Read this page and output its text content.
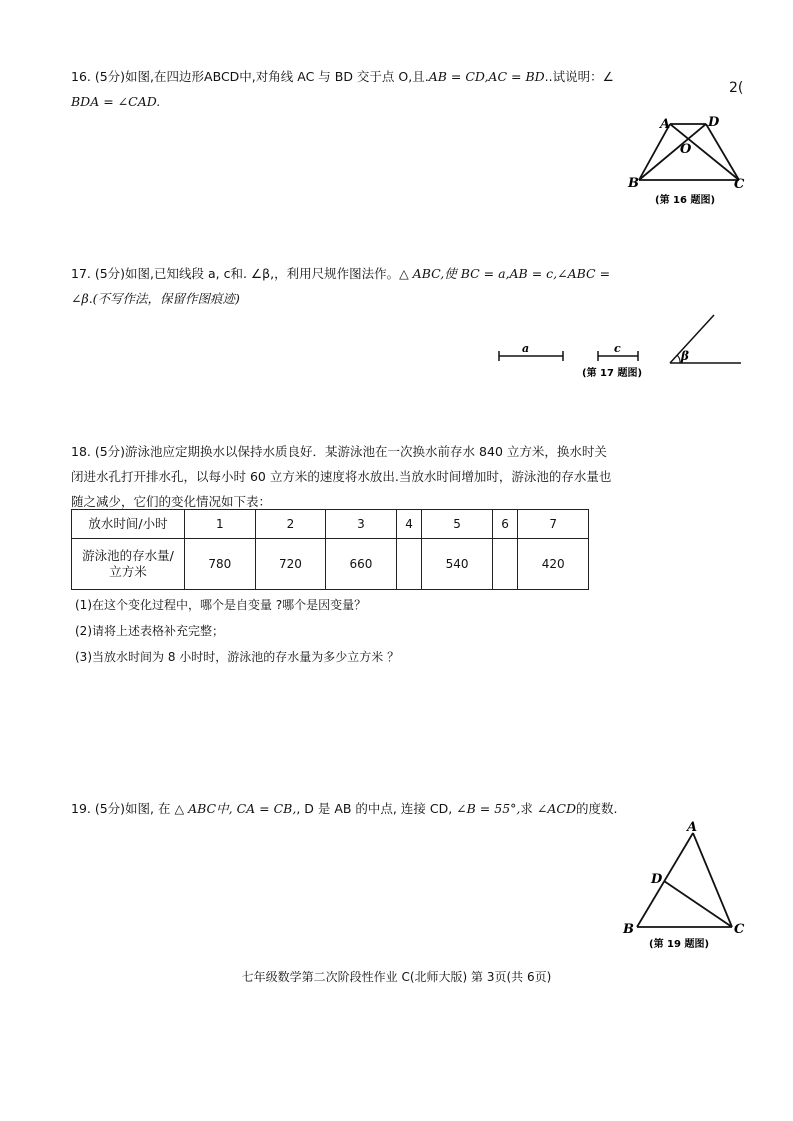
2(
16. (5分)如图,在四边形ABCD中,对角线 AC 与 BD 交于点 O,且.AB = CD,AC = BD..试说明：∠
BDA = ∠CAD.
A	D
O
B	C
(第 16 题图)
17. (5分)如图,已知线段 a, c和. ∠β,，利用尺规作图法作。△ ABC,使 BC = a,AB = c,∠ABC =
∠β.(不写作法，保留作图痕迹)
a	c
β
(第 17 题图)
18. (5分)游泳池应定期换水以保持水质良好．某游泳池在一次换水前存水 840 立方米，换水时关
闭进水孔打开排水孔，以每小时 60 立方米的速度将水放出.当放水时间增加时，游泳池的存水量也
随之减少，它们的变化情况如下表：
放水时间/小时	1	2	3	4	5	6	7
游泳池的存水量/
立方米	780	720	660		540		420
(1)在这个变化过程中，哪个是自变量 ?哪个是因变量？
(2)请将上述表格补充完整；
(3)当放水时间为 8 小时时，游泳池的存水量为多少立方米 ？
19. (5分)如图, 在 △ ABC中, CA = CB,, D 是 AB 的中点, 连接 CD, ∠B = 55°,求 ∠ACD的度数.
A
D
B	C
(第 19 题图)
七年级数学第二次阶段性作业 C(北师大版) 第 3页(共 6页)
